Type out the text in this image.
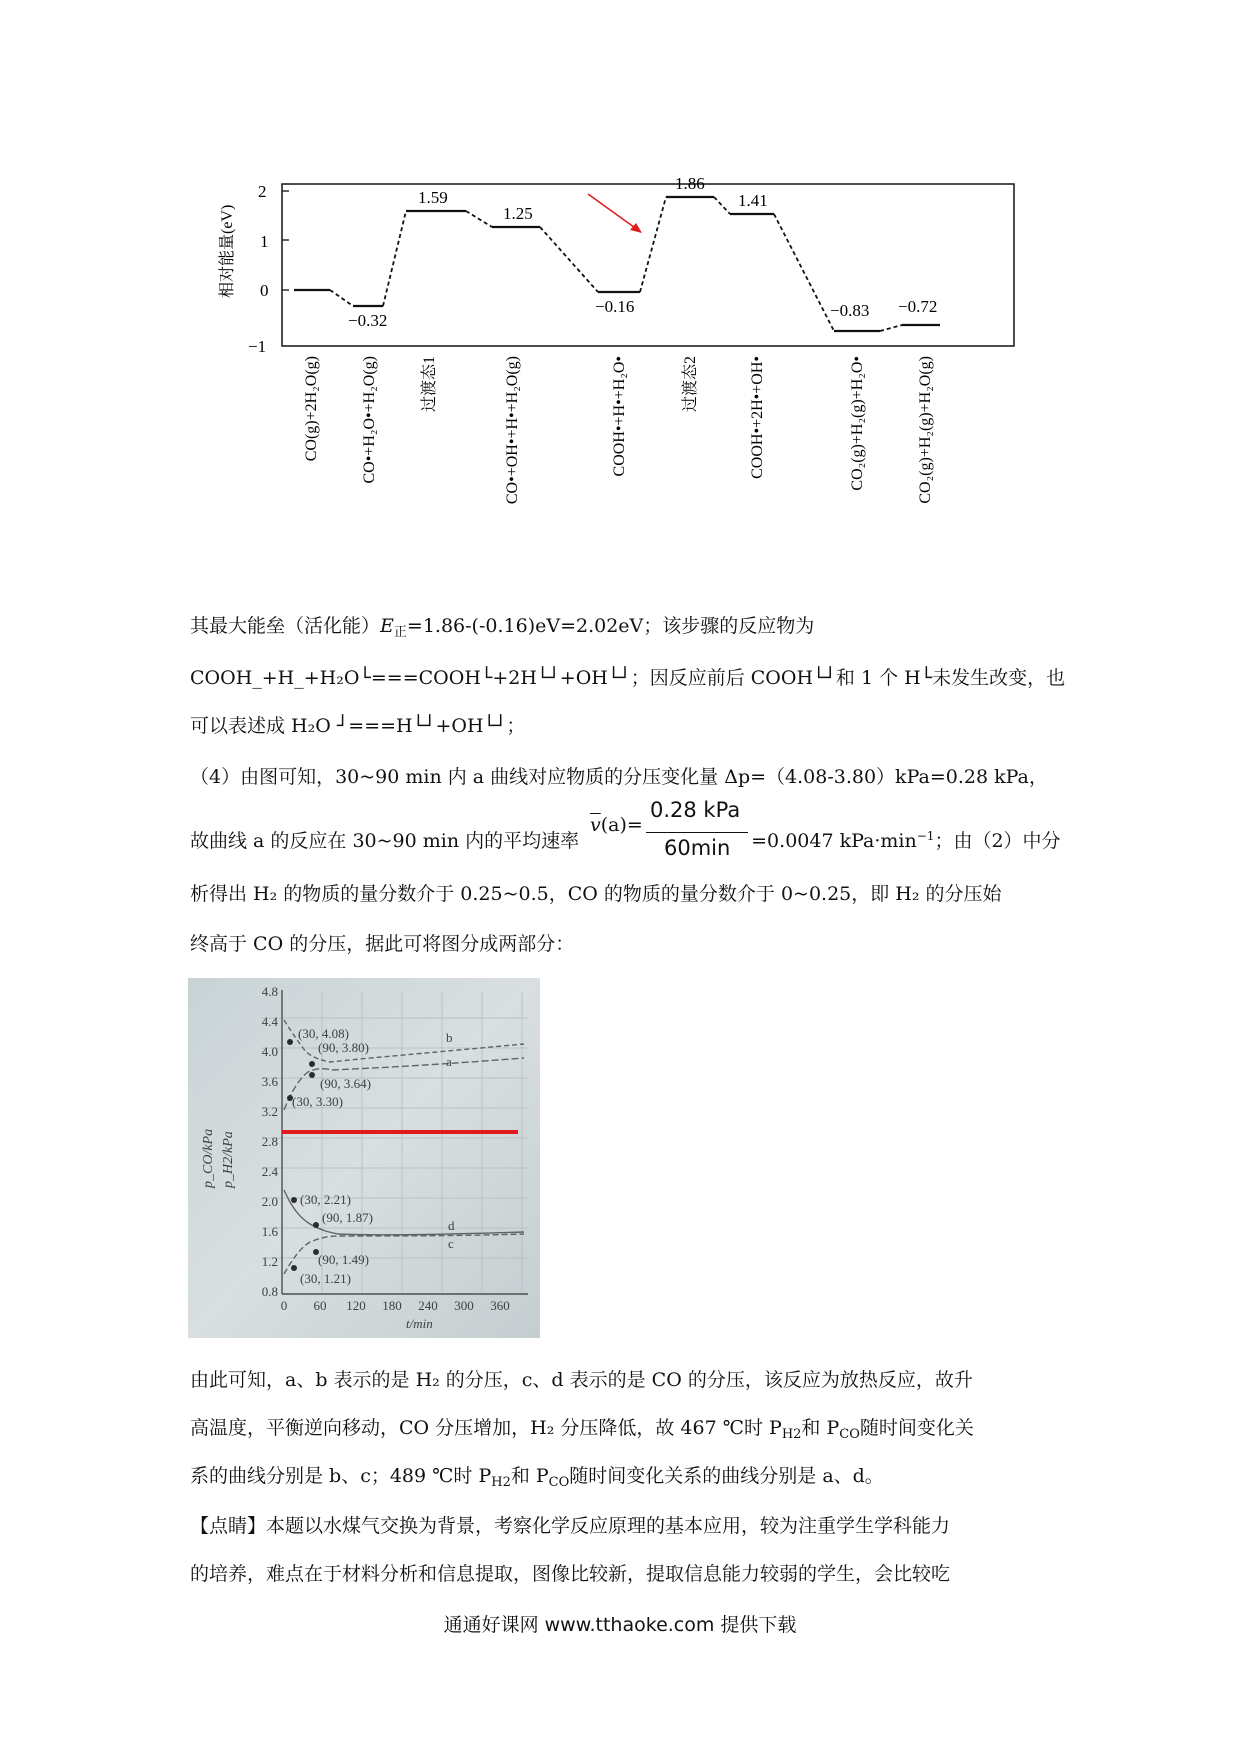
2
1
0
−1
相对能量(eV)
−0.32
1.59
1.25
−0.16
1.86
1.41
−0.83 −0.72
CO(g)+2H₂O(g)	CO•+H₂O•+H₂O(g)	过渡态1	CO•+OH•+H•+H₂O(g)	COOH•+H•+H₂O•	过渡态2	COOH•+2H•+OH•	CO₂(g)+H₂(g)+H₂O•	CO₂(g)+H₂(g)+H₂O(g)
其最大能垒（活化能）$E_正=1.86-(-0.16)eV=2.02eV$；该步骤的反应物为
COOH_+H_+H₂O└===COOH└+2H└┘+OH└┘；因反应前后 COOH└┘和 1 个 H└未发生改变，也
可以表述成 H₂O ┘===H└┘+OH└┘；
（4）由图可知，30~90 min 内 a 曲线对应物质的分压变化量 Δp=（4.08-3.80）kPa=0.28 kPa，
故曲线 a 的反应在 30~90 min 内的平均速率	=0.0047 $kPa\cdot\min^{-1}$；由（2）中分
$\overline{v}(a)=$
0.28 kPa
60min
析得出 H₂ 的物质的量分数介于 0.25~0.5，CO 的物质的量分数介于 0~0.25，即 H₂ 的分压始
终高于 CO 的分压，据此可将图分成两部分：
4.8
4.4
4.0
3.6
3.2
2.8
2.4
2.0
1.6
1.2
0.8
0 60 120 180 240 300 360
t/min
p_CO/kPa p_H2/kPa
(30, 4.08)
(90, 3.80)
(90, 3.64)
(30, 3.30)
(30, 2.21)
(90, 1.87)
(90, 1.49)
(30, 1.21)
b
a
d
c
由此可知，a、b 表示的是 H₂ 的分压，c、d 表示的是 CO 的分压，该反应为放热反应，故升
高温度，平衡逆向移动，CO 分压增加，H₂ 分压降低，故 467 ℃时 $P_{H2}$和 $P_{CO}$随时间变化关
系的曲线分别是 b、c；489 ℃时 $P_{H2}$和 $P_{CO}$随时间变化关系的曲线分别是 a、d。
【点睛】本题以水煤气交换为背景，考察化学反应原理的基本应用，较为注重学生学科能力
的培养，难点在于材料分析和信息提取，图像比较新，提取信息能力较弱的学生，会比较吃
通通好课网 www.tthaoke.com 提供下载
